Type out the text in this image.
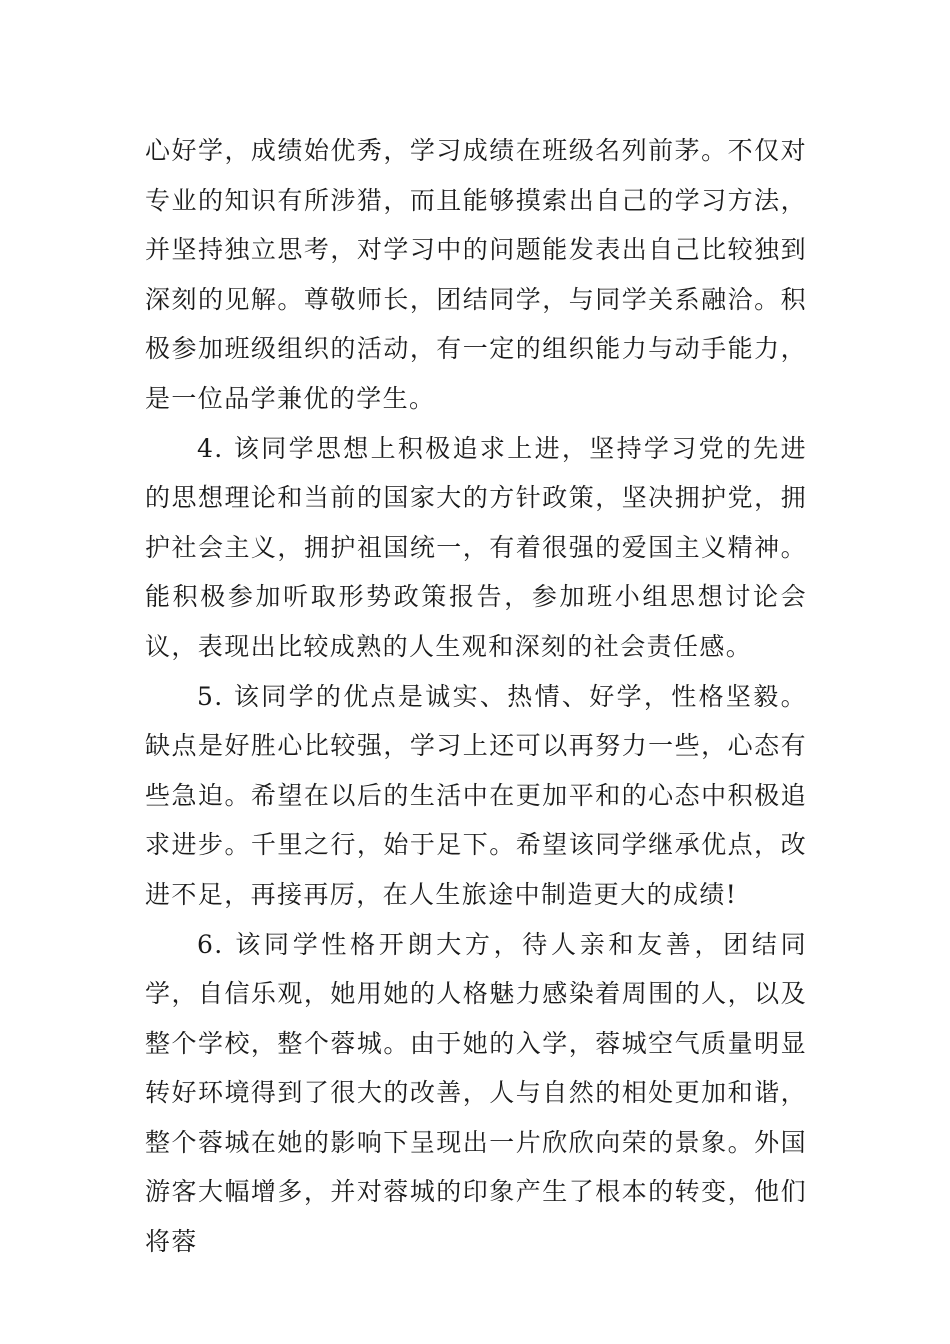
心好学，成绩始优秀，学习成绩在班级名列前茅。不仅对专业的知识有所涉猎，而且能够摸索出自己的学习方法，并坚持独立思考，对学习中的问题能发表出自己比较独到深刻的见解。尊敬师长，团结同学，与同学关系融洽。积极参加班级组织的活动，有一定的组织能力与动手能力，是一位品学兼优的学生。

4. 该同学思想上积极追求上进，坚持学习党的先进的思想理论和当前的国家大的方针政策，坚决拥护党，拥护社会主义，拥护祖国统一，有着很强的爱国主义精神。能积极参加听取形势政策报告，参加班小组思想讨论会议，表现出比较成熟的人生观和深刻的社会责任感。

5. 该同学的优点是诚实、热情、好学，性格坚毅。缺点是好胜心比较强，学习上还可以再努力一些，心态有些急迫。希望在以后的生活中在更加平和的心态中积极追求进步。千里之行，始于足下。希望该同学继承优点，改进不足，再接再厉，在人生旅途中制造更大的成绩!

6. 该同学性格开朗大方，待人亲和友善，团结同学，自信乐观，她用她的人格魅力感染着周围的人，以及整个学校，整个蓉城。由于她的入学，蓉城空气质量明显转好环境得到了很大的改善，人与自然的相处更加和谐，整个蓉城在她的影响下呈现出一片欣欣向荣的景象。外国游客大幅增多，并对蓉城的印象产生了根本的转变，他们将蓉
